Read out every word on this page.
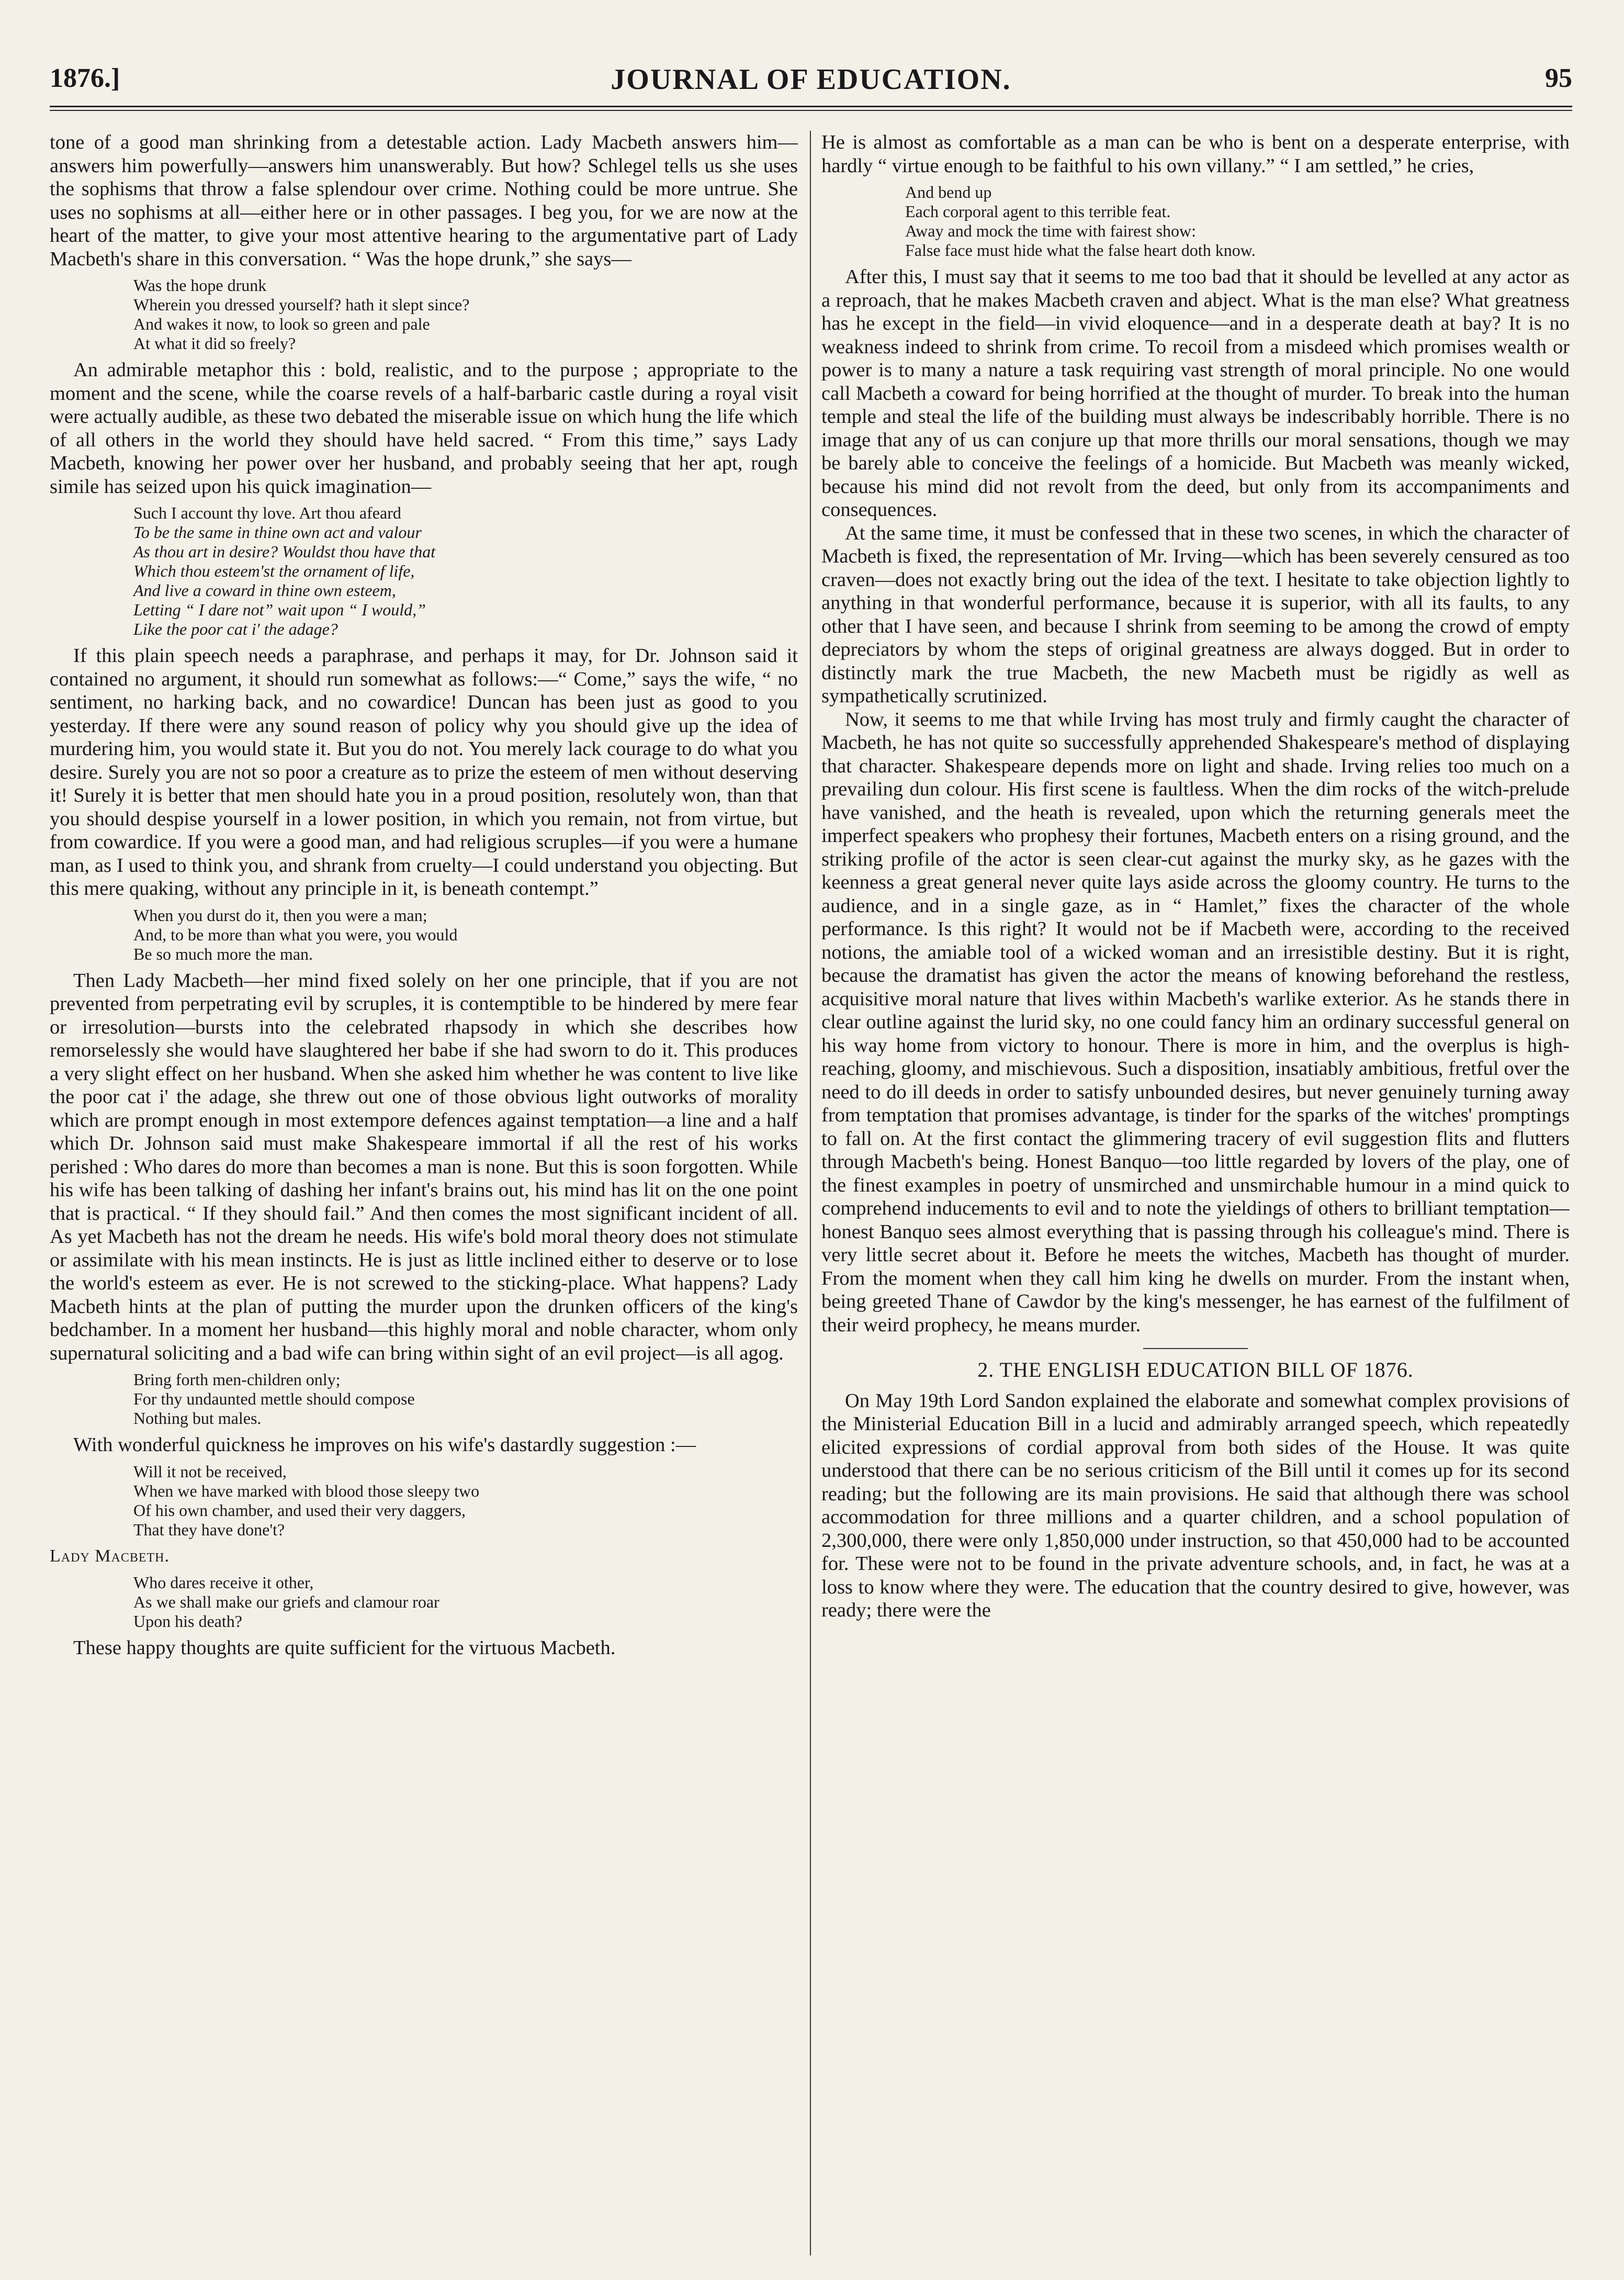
1876.]	JOURNAL OF EDUCATION.	95

tone of a good man shrinking from a detestable action. Lady Macbeth answers him—answers him powerfully—answers him unanswerably. But how? Schlegel tells us she uses the sophisms that throw a false splendour over crime. Nothing could be more untrue. She uses no sophisms at all—either here or in other passages. I beg you, for we are now at the heart of the matter, to give your most attentive hearing to the argumentative part of Lady Macbeth's share in this conversation. “ Was the hope drunk,” she says—

Was the hope drunk
Wherein you dressed yourself? hath it slept since?
And wakes it now, to look so green and pale
At what it did so freely?

An admirable metaphor this : bold, realistic, and to the purpose ; appropriate to the moment and the scene, while the coarse revels of a half-barbaric castle during a royal visit were actually audible, as these two debated the miserable issue on which hung the life which of all others in the world they should have held sacred. “ From this time,” says Lady Macbeth, knowing her power over her husband, and probably seeing that her apt, rough simile has seized upon his quick imagination—

Such I account thy love. Art thou afeard
To be the same in thine own act and valour
As thou art in desire? Wouldst thou have that
Which thou esteem'st the ornament of life,
And live a coward in thine own esteem,
Letting “ I dare not” wait upon “ I would,”
Like the poor cat i' the adage?

If this plain speech needs a paraphrase, and perhaps it may, for Dr. Johnson said it contained no argument, it should run somewhat as follows:—“ Come,” says the wife, “ no sentiment, no harking back, and no cowardice! Duncan has been just as good to you yesterday. If there were any sound reason of policy why you should give up the idea of murdering him, you would state it. But you do not. You merely lack courage to do what you desire. Surely you are not so poor a creature as to prize the esteem of men without deserving it! Surely it is better that men should hate you in a proud position, resolutely won, than that you should despise yourself in a lower position, in which you remain, not from virtue, but from cowardice. If you were a good man, and had religious scruples—if you were a humane man, as I used to think you, and shrank from cruelty—I could understand you objecting. But this mere quaking, without any principle in it, is beneath contempt.”

When you durst do it, then you were a man;
And, to be more than what you were, you would
Be so much more the man.

Then Lady Macbeth—her mind fixed solely on her one principle, that if you are not prevented from perpetrating evil by scruples, it is contemptible to be hindered by mere fear or irresolution—bursts into the celebrated rhapsody in which she describes how remorselessly she would have slaughtered her babe if she had sworn to do it. This produces a very slight effect on her husband. When she asked him whether he was content to live like the poor cat i' the adage, she threw out one of those obvious light outworks of morality which are prompt enough in most extempore defences against temptation—a line and a half which Dr. Johnson said must make Shakespeare immortal if all the rest of his works perished : Who dares do more than becomes a man is none. But this is soon forgotten. While his wife has been talking of dashing her infant's brains out, his mind has lit on the one point that is practical. “ If they should fail.” And then comes the most significant incident of all. As yet Macbeth has not the dream he needs. His wife's bold moral theory does not stimulate or assimilate with his mean instincts. He is just as little inclined either to deserve or to lose the world's esteem as ever. He is not screwed to the sticking-place. What happens? Lady Macbeth hints at the plan of putting the murder upon the drunken officers of the king's bedchamber. In a moment her husband—this highly moral and noble character, whom only supernatural soliciting and a bad wife can bring within sight of an evil project—is all agog.

Bring forth men-children only;
For thy undaunted mettle should compose
Nothing but males.

With wonderful quickness he improves on his wife's dastardly suggestion :—

Will it not be received,
When we have marked with blood those sleepy two
Of his own chamber, and used their very daggers,
That they have done't?
Lady Macbeth.
Who dares receive it other,
As we shall make our griefs and clamour roar
Upon his death?

These happy thoughts are quite sufficient for the virtuous Macbeth.

He is almost as comfortable as a man can be who is bent on a desperate enterprise, with hardly “ virtue enough to be faithful to his own villany.” “ I am settled,” he cries,

And bend up
Each corporal agent to this terrible feat.
Away and mock the time with fairest show:
False face must hide what the false heart doth know.

After this, I must say that it seems to me too bad that it should be levelled at any actor as a reproach, that he makes Macbeth craven and abject. What is the man else? What greatness has he except in the field—in vivid eloquence—and in a desperate death at bay? It is no weakness indeed to shrink from crime. To recoil from a misdeed which promises wealth or power is to many a nature a task requiring vast strength of moral principle. No one would call Macbeth a coward for being horrified at the thought of murder. To break into the human temple and steal the life of the building must always be indescribably horrible. There is no image that any of us can conjure up that more thrills our moral sensations, though we may be barely able to conceive the feelings of a homicide. But Macbeth was meanly wicked, because his mind did not revolt from the deed, but only from its accompaniments and consequences.

At the same time, it must be confessed that in these two scenes, in which the character of Macbeth is fixed, the representation of Mr. Irving—which has been severely censured as too craven—does not exactly bring out the idea of the text. I hesitate to take objection lightly to anything in that wonderful performance, because it is superior, with all its faults, to any other that I have seen, and because I shrink from seeming to be among the crowd of empty depreciators by whom the steps of original greatness are always dogged. But in order to distinctly mark the true Macbeth, the new Macbeth must be rigidly as well as sympathetically scrutinized.

Now, it seems to me that while Irving has most truly and firmly caught the character of Macbeth, he has not quite so successfully apprehended Shakespeare's method of displaying that character. Shakespeare depends more on light and shade. Irving relies too much on a prevailing dun colour. His first scene is faultless. When the dim rocks of the witch-prelude have vanished, and the heath is revealed, upon which the returning generals meet the imperfect speakers who prophesy their fortunes, Macbeth enters on a rising ground, and the striking profile of the actor is seen clear-cut against the murky sky, as he gazes with the keenness a great general never quite lays aside across the gloomy country. He turns to the audience, and in a single gaze, as in “ Hamlet,” fixes the character of the whole performance. Is this right? It would not be if Macbeth were, according to the received notions, the amiable tool of a wicked woman and an irresistible destiny. But it is right, because the dramatist has given the actor the means of knowing beforehand the restless, acquisitive moral nature that lives within Macbeth's warlike exterior. As he stands there in clear outline against the lurid sky, no one could fancy him an ordinary successful general on his way home from victory to honour. There is more in him, and the overplus is high-reaching, gloomy, and mischievous. Such a disposition, insatiably ambitious, fretful over the need to do ill deeds in order to satisfy unbounded desires, but never genuinely turning away from temptation that promises advantage, is tinder for the sparks of the witches' promptings to fall on. At the first contact the glimmering tracery of evil suggestion flits and flutters through Macbeth's being. Honest Banquo—too little regarded by lovers of the play, one of the finest examples in poetry of unsmirched and unsmirchable humour in a mind quick to comprehend inducements to evil and to note the yieldings of others to brilliant temptation—honest Banquo sees almost everything that is passing through his colleague's mind. There is very little secret about it. Before he meets the witches, Macbeth has thought of murder. From the moment when they call him king he dwells on murder. From the instant when, being greeted Thane of Cawdor by the king's messenger, he has earnest of the fulfilment of their weird prophecy, he means murder.

2. THE ENGLISH EDUCATION BILL OF 1876.

On May 19th Lord Sandon explained the elaborate and somewhat complex provisions of the Ministerial Education Bill in a lucid and admirably arranged speech, which repeatedly elicited expressions of cordial approval from both sides of the House. It was quite understood that there can be no serious criticism of the Bill until it comes up for its second reading; but the following are its main provisions. He said that although there was school accommodation for three millions and a quarter children, and a school population of 2,300,000, there were only 1,850,000 under instruction, so that 450,000 had to be accounted for. These were not to be found in the private adventure schools, and, in fact, he was at a loss to know where they were. The education that the country desired to give, however, was ready; there were the
